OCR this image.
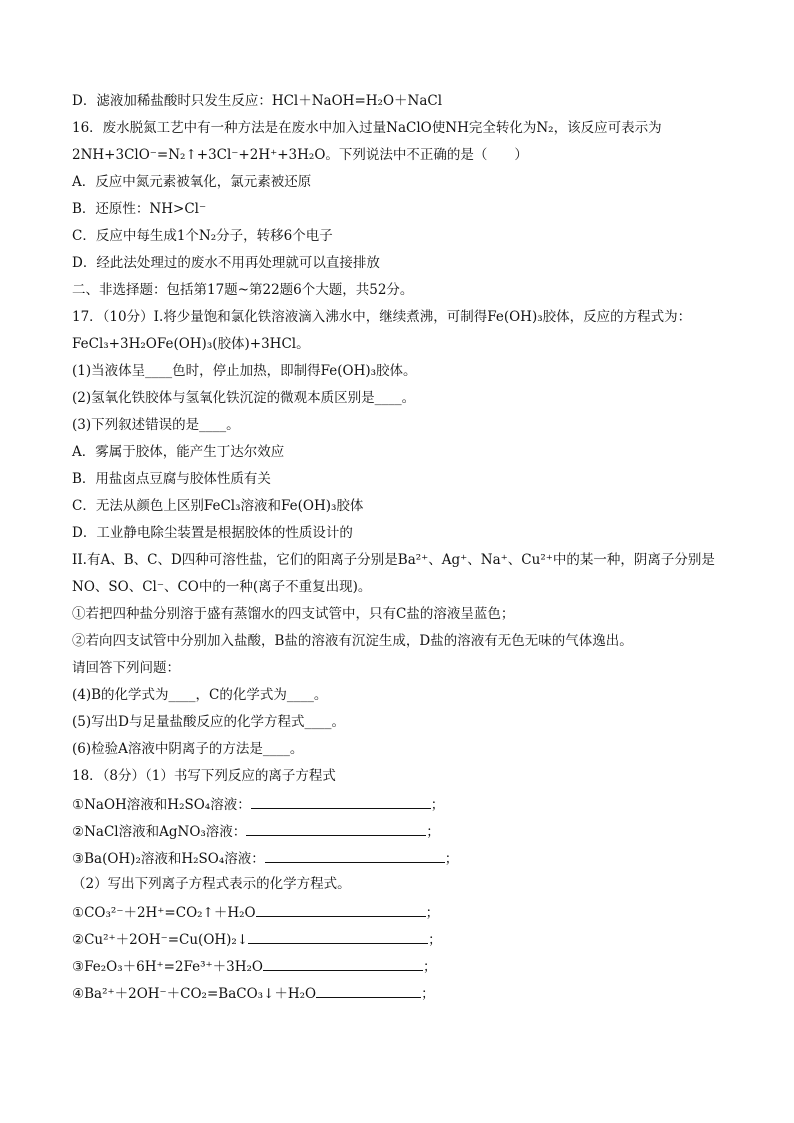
D．滤液加稀盐酸时只发生反应：HCl＋NaOH=H₂O＋NaCl
16．废水脱氮工艺中有一种方法是在废水中加入过量NaClO使NH完全转化为N₂，该反应可表示为
2NH+3ClO⁻=N₂↑+3Cl⁻+2H⁺+3H₂O。下列说法中不正确的是（　　）
A．反应中氮元素被氧化，氯元素被还原
B．还原性：NH>Cl⁻
C．反应中每生成1个N₂分子，转移6个电子
D．经此法处理过的废水不用再处理就可以直接排放
二、非选择题：包括第17题~第22题6个大题，共52分。
17．（10分）I.将少量饱和氯化铁溶液滴入沸水中，继续煮沸，可制得Fe(OH)₃胶体，反应的方程式为：
FeCl₃+3H₂OFe(OH)₃(胶体)+3HCl。
(1)当液体呈____色时，停止加热，即制得Fe(OH)₃胶体。
(2)氢氧化铁胶体与氢氧化铁沉淀的微观本质区别是____。
(3)下列叙述错误的是____。
A．雾属于胶体，能产生丁达尔效应
B．用盐卤点豆腐与胶体性质有关
C．无法从颜色上区别FeCl₃溶液和Fe(OH)₃胶体
D．工业静电除尘装置是根据胶体的性质设计的
II.有A、B、C、D四种可溶性盐，它们的阳离子分别是Ba²⁺、Ag⁺、Na⁺、Cu²⁺中的某一种，阴离子分别是
NO、SO、Cl⁻、CO中的一种(离子不重复出现)。
①若把四种盐分别溶于盛有蒸馏水的四支试管中，只有C盐的溶液呈蓝色；
②若向四支试管中分别加入盐酸，B盐的溶液有沉淀生成，D盐的溶液有无色无味的气体逸出。
请回答下列问题：
(4)B的化学式为____，C的化学式为____。
(5)写出D与足量盐酸反应的化学方程式____。
(6)检验A溶液中阴离子的方法是____。
18．（8分）（1）书写下列反应的离子方程式
①NaOH溶液和H₂SO₄溶液：	；
②NaCl溶液和AgNO₃溶液：	；
③Ba(OH)₂溶液和H₂SO₄溶液：	；
（2）写出下列离子方程式表示的化学方程式。
①CO₃²⁻＋2H⁺=CO₂↑＋H₂O	；
②Cu²⁺＋2OH⁻=Cu(OH)₂↓	；
③Fe₂O₃＋6H⁺=2Fe³⁺＋3H₂O	；
④Ba²⁺＋2OH⁻＋CO₂=BaCO₃↓＋H₂O	；
